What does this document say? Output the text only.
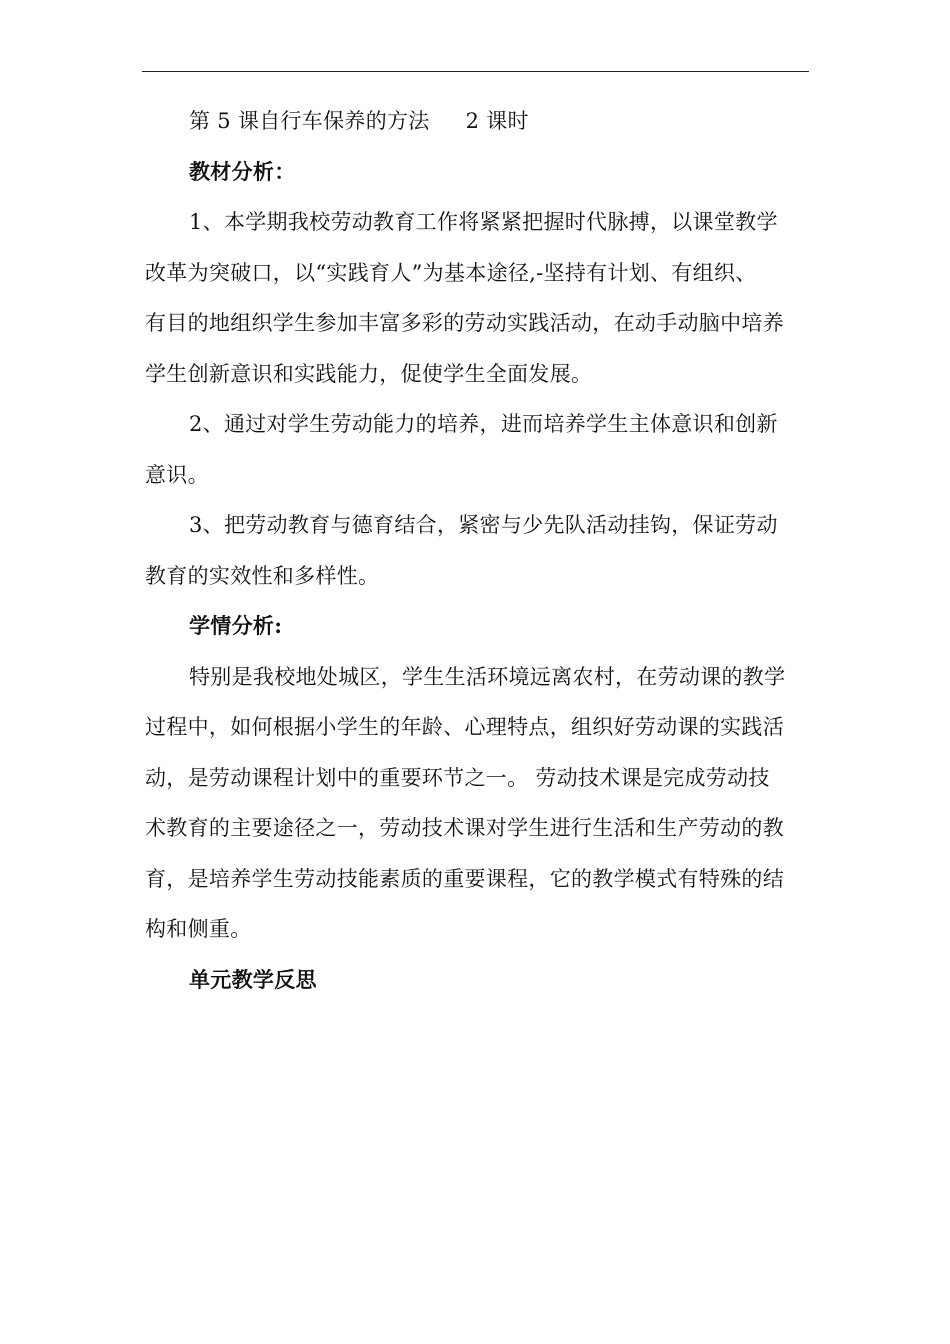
第 5 课自行车保养的方法 2 课时
教材分析：
1、本学期我校劳动教育工作将紧紧把握时代脉搏，以课堂教学
改革为突破口，以“实践育人”为基本途径,-坚持有计划、有组织、
有目的地组织学生参加丰富多彩的劳动实践活动，在动手动脑中培养
学生创新意识和实践能力，促使学生全面发展。
2、通过对学生劳动能力的培养，进而培养学生主体意识和创新
意识。
3、把劳动教育与德育结合，紧密与少先队活动挂钩，保证劳动
教育的实效性和多样性。
学情分析:
特别是我校地处城区，学生生活环境远离农村，在劳动课的教学
过程中，如何根据小学生的年龄、心理特点，组织好劳动课的实践活
动，是劳动课程计划中的重要环节之一。 劳动技术课是完成劳动技
术教育的主要途径之一，劳动技术课对学生进行生活和生产劳动的教
育，是培养学生劳动技能素质的重要课程，它的教学模式有特殊的结
构和侧重。
单元教学反思
